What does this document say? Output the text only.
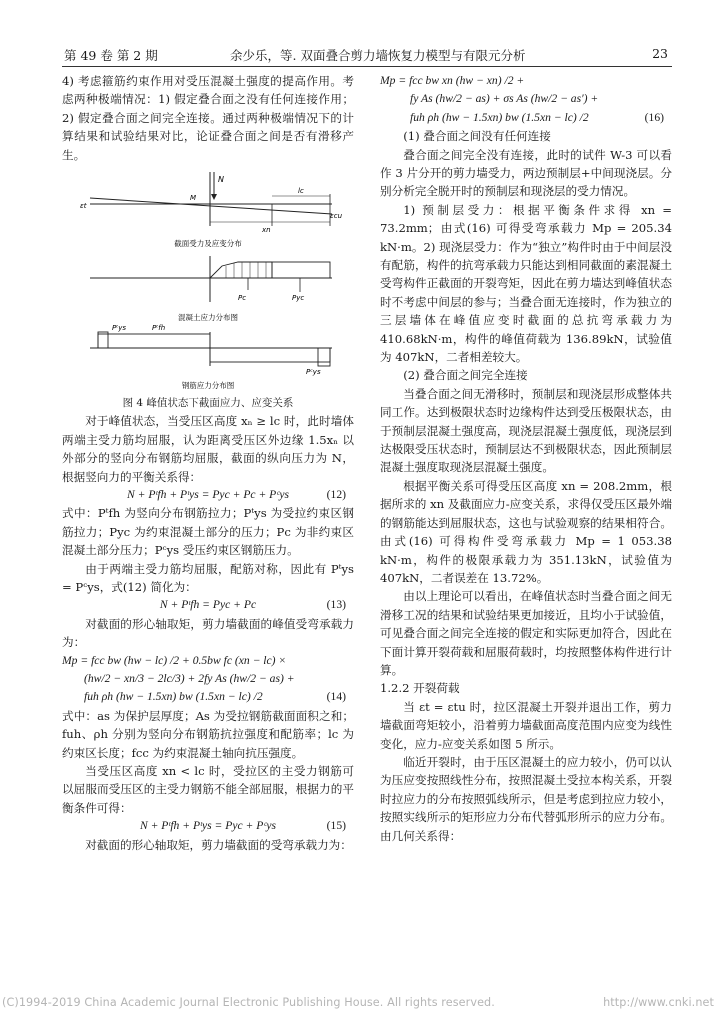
第 49 卷 第 2 期	余少乐，等. 双面叠合剪力墙恢复力模型与有限元分析	23

4) 考虑箍筋约束作用对受压混凝土强度的提高作用。考虑两种极端情况：1) 假定叠合面之没有任何连接作用；2) 假定叠合面之间完全连接。通过两种极端情况下的计算结果和试验结果对比，论证叠合面之间是否有滑移产生。

N
M
lc
xn
εt
εcu
截面受力及应变分布
Pc	Pyc
混凝土应力分布图
Pᵗys	Pᵗfh
Pᶜys
钢筋应力分布图

图 4 峰值状态下截面应力、应变关系

对于峰值状态，当受压区高度 xₙ ≥ lc 时，此时墙体两端主受力筋均屈服，认为距离受压区外边缘 1.5xₙ 以外部分的竖向分布钢筋均屈服，截面的纵向压力为 N，根据竖向力的平衡关系得：

N + Pᵗfh + Pᵗys = Pyc + Pc + Pᶜys	(12)

式中：Pᵗfh 为竖向分布钢筋拉力；Pᵗys 为受拉约束区钢筋拉力；Pyc 为约束混凝土部分的压力；Pc 为非约束区混凝土部分压力；Pᶜys 受压约束区钢筋压力。

由于两端主受力筋均屈服，配筋对称，因此有 Pᵗys = Pᶜys，式(12) 简化为：

N + Pᵗfh = Pyc + Pc	(13)

对截面的形心轴取矩，剪力墙截面的峰值受弯承载力为：

Mp = fcc bw (hw − lc) /2 + 0.5bw fc (xn − lc) ×
(hw/2 − xn/3 − 2lc/3) + 2fy As (hw/2 − as) +
fuh ρh (hw − 1.5xn) bw (1.5xn − lc) /2	(14)

式中：as 为保护层厚度；As 为受拉钢筋截面面积之和；fuh、ρh 分别为竖向分布钢筋抗拉强度和配筋率；lc 为约束区长度；fcc 为约束混凝土轴向抗压强度。

当受压区高度 xn < lc 时，受拉区的主受力钢筋可以屈服而受压区的主受力钢筋不能全部屈服，根据力的平衡条件可得：

N + Pᵗfh + Pᵗys = Pyc + Pᶜys	(15)

对截面的形心轴取矩，剪力墙截面的受弯承载力为：

Mp = fcc bw xn (hw − xn) /2 +
fy As (hw/2 − as) + σs As (hw/2 − as′) +
fuh ρh (hw − 1.5xn) bw (1.5xn − lc) /2	(16)

(1) 叠合面之间没有任何连接

叠合面之间完全没有连接，此时的试件 W-3 可以看作 3 片分开的剪力墙受力，两边预制层+中间现浇层。分别分析完全脱开时的预制层和现浇层的受力情况。

1) 预制层受力：根据平衡条件求得 xn = 73.2mm；由式(16) 可得受弯承载力 Mp = 205.34 kN·m。2) 现浇层受力：作为“独立”构件时由于中间层没有配筋，构件的抗弯承载力只能达到相同截面的素混凝土受弯构件正截面的开裂弯矩，因此在剪力墙达到峰值状态时不考虑中间层的参与；当叠合面无连接时，作为独立的三层墙体在峰值应变时截面的总抗弯承载力为 410.68kN·m，构件的峰值荷载为 136.89kN，试验值为 407kN，二者相差较大。

(2) 叠合面之间完全连接

当叠合面之间无滑移时，预制层和现浇层形成整体共同工作。达到极限状态时边缘构件达到受压极限状态，由于预制层混凝土强度高，现浇层混凝土强度低，现浇层到达极限受压状态时，预制层达不到极限状态，因此预制层混凝土强度取现浇层混凝土强度。

根据平衡关系可得受压区高度 xn = 208.2mm，根据所求的 xn 及截面应力-应变关系，求得仅受压区最外端的钢筋能达到屈服状态，这也与试验观察的结果相符合。由式(16) 可得构件受弯承载力 Mp = 1 053.38 kN·m，构件的极限承载力为 351.13kN，试验值为 407kN，二者误差在 13.72%。

由以上理论可以看出，在峰值状态时当叠合面之间无滑移工况的结果和试验结果更加接近，且均小于试验值，可见叠合面之间完全连接的假定和实际更加符合，因此在下面计算开裂荷载和屈服荷载时，均按照整体构件进行计算。

1.2.2 开裂荷载

当 εt = εtu 时，拉区混凝土开裂并退出工作，剪力墙截面弯矩较小，沿着剪力墙截面高度范围内应变为线性变化，应力-应变关系如图 5 所示。

临近开裂时，由于压区混凝土的应力较小，仍可以认为压应变按照线性分布，按照混凝土受拉本构关系，开裂时拉应力的分布按照弧线所示，但是考虑到拉应力较小，按照实线所示的矩形应力分布代替弧形所示的应力分布。由几何关系得：

(C)1994-2019 China Academic Journal Electronic Publishing House. All rights reserved.	http://www.cnki.net
